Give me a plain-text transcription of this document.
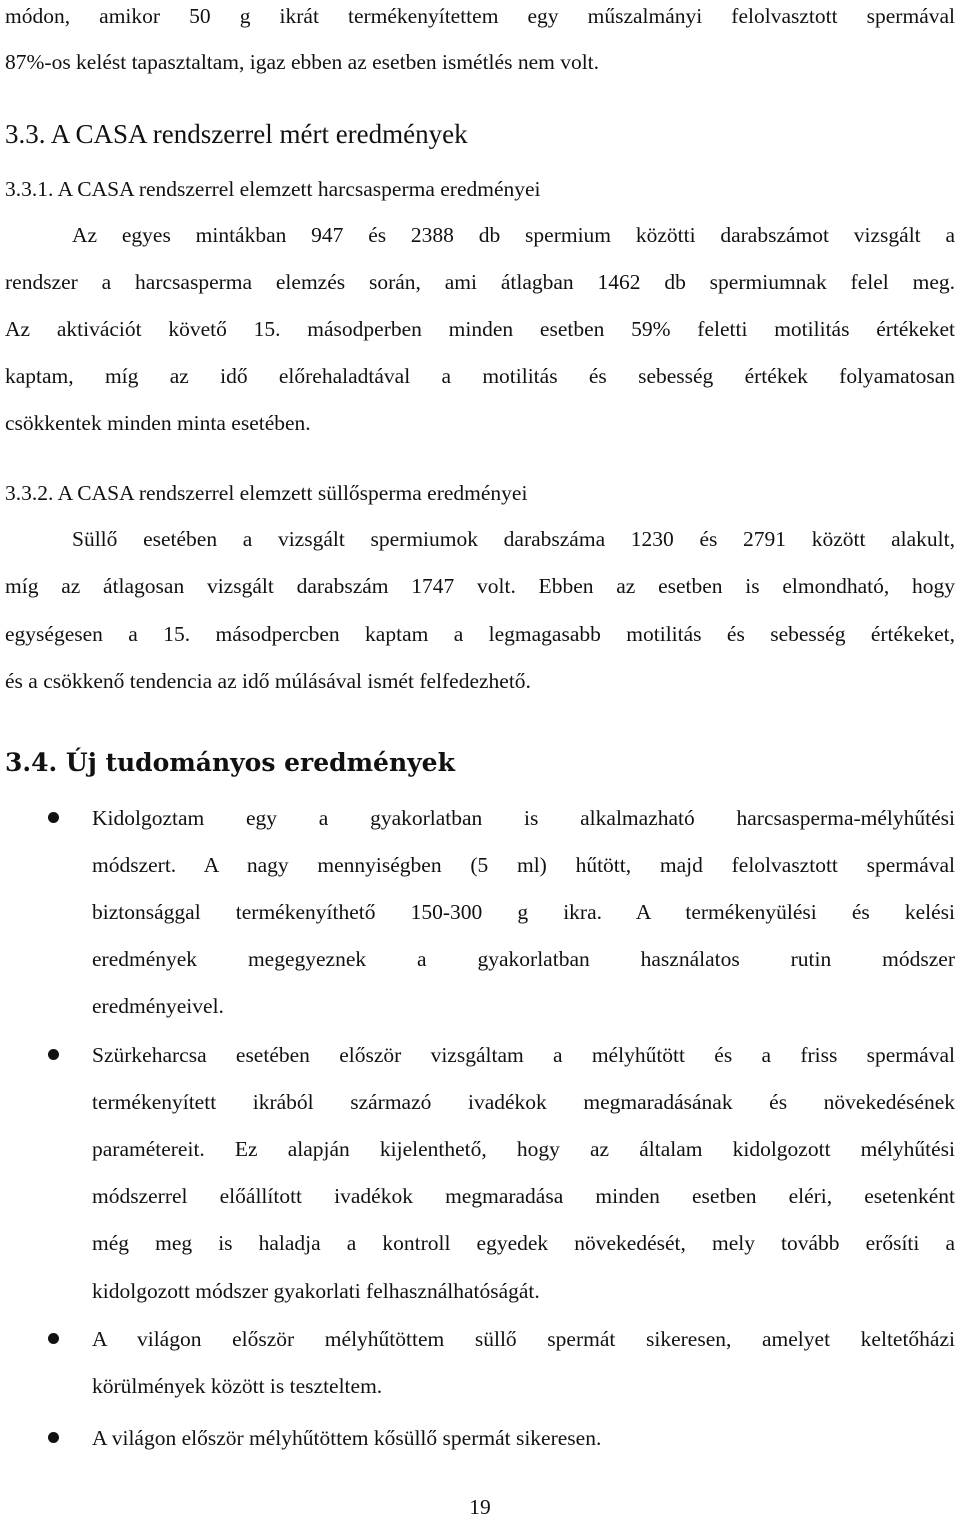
módon, amikor 50 g ikrát termékenyítettem egy műszalmányi felolvasztott spermával
87%-os kelést tapasztaltam, igaz ebben az esetben ismétlés nem volt.
3.3. A CASA rendszerrel mért eredmények
3.3.1. A CASA rendszerrel elemzett harcsasperma eredményei
Az egyes mintákban 947 és 2388 db spermium közötti darabszámot vizsgált a
rendszer a harcsasperma elemzés során, ami átlagban 1462 db spermiumnak felel meg.
Az aktivációt követő 15. másodperben minden esetben 59% feletti motilitás értékeket
kaptam, míg az idő előrehaladtával a motilitás és sebesség értékek folyamatosan
csökkentek minden minta esetében.
3.3.2. A CASA rendszerrel elemzett süllősperma eredményei
Süllő esetében a vizsgált spermiumok darabszáma 1230 és 2791 között alakult,
míg az átlagosan vizsgált darabszám 1747 volt. Ebben az esetben is elmondható, hogy
egységesen a 15. másodpercben kaptam a legmagasabb motilitás és sebesség értékeket,
és a csökkenő tendencia az idő múlásával ismét felfedezhető.
3.4. Új tudományos eredmények
Kidolgoztam egy a gyakorlatban is alkalmazható harcsasperma-mélyhűtési
módszert. A nagy mennyiségben (5 ml) hűtött, majd felolvasztott spermával
biztonsággal termékenyíthető 150-300 g ikra. A termékenyülési és kelési
eredmények megegyeznek a gyakorlatban használatos rutin módszer
eredményeivel.
Szürkeharcsa esetében először vizsgáltam a mélyhűtött és a friss spermával
termékenyített ikrából származó ivadékok megmaradásának és növekedésének
paramétereit. Ez alapján kijelenthető, hogy az általam kidolgozott mélyhűtési
módszerrel előállított ivadékok megmaradása minden esetben eléri, esetenként
még meg is haladja a kontroll egyedek növekedését, mely tovább erősíti a
kidolgozott módszer gyakorlati felhasználhatóságát.
A világon először mélyhűtöttem süllő spermát sikeresen, amelyet keltetőházi
körülmények között is teszteltem.
A világon először mélyhűtöttem kősüllő spermát sikeresen.
19
